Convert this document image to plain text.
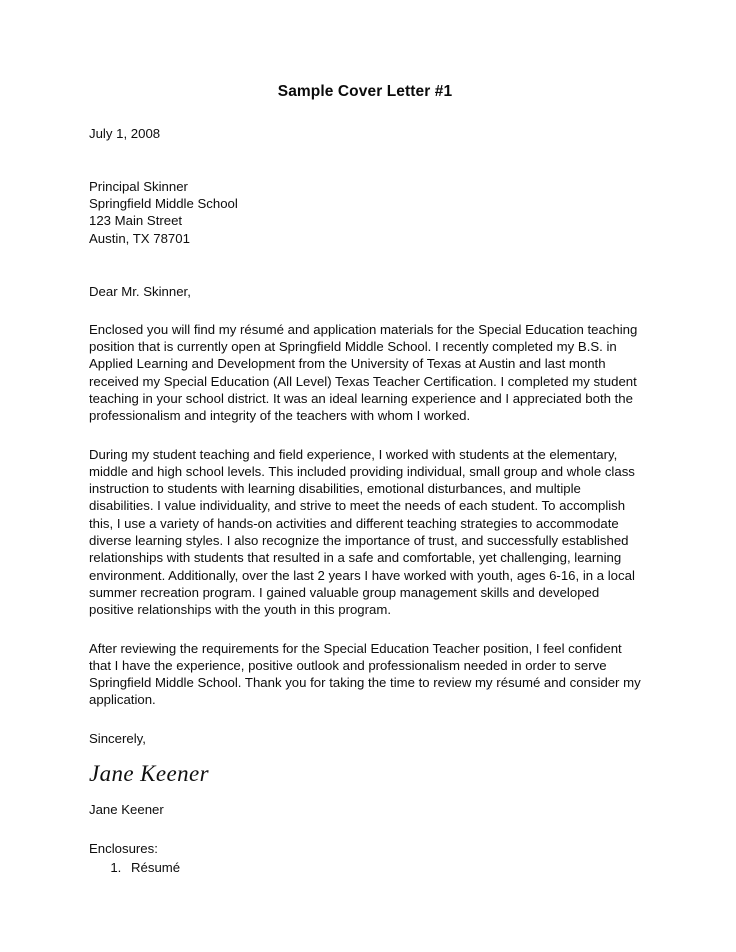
Sample Cover Letter #1

July 1, 2008

Principal Skinner
Springfield Middle School
123 Main Street
Austin, TX 78701

Dear Mr. Skinner,

Enclosed you will find my résumé and application materials for the Special Education teaching position that is currently open at Springfield Middle School. I recently completed my B.S. in Applied Learning and Development from the University of Texas at Austin and last month received my Special Education (All Level) Texas Teacher Certification. I completed my student teaching in your school district. It was an ideal learning experience and I appreciated both the professionalism and integrity of the teachers with whom I worked.

During my student teaching and field experience, I worked with students at the elementary, middle and high school levels. This included providing individual, small group and whole class instruction to students with learning disabilities, emotional disturbances, and multiple disabilities. I value individuality, and strive to meet the needs of each student. To accomplish this, I use a variety of hands-on activities and different teaching strategies to accommodate diverse learning styles. I also recognize the importance of trust, and successfully established relationships with students that resulted in a safe and comfortable, yet challenging, learning environment. Additionally, over the last 2 years I have worked with youth, ages 6-16, in a local summer recreation program. I gained valuable group management skills and developed positive relationships with the youth in this program.

After reviewing the requirements for the Special Education Teacher position, I feel confident that I have the experience, positive outlook and professionalism needed in order to serve Springfield Middle School. Thank you for taking the time to review my résumé and consider my application.

Sincerely,

Jane Keener

Jane Keener

Enclosures:

1. Résumé
